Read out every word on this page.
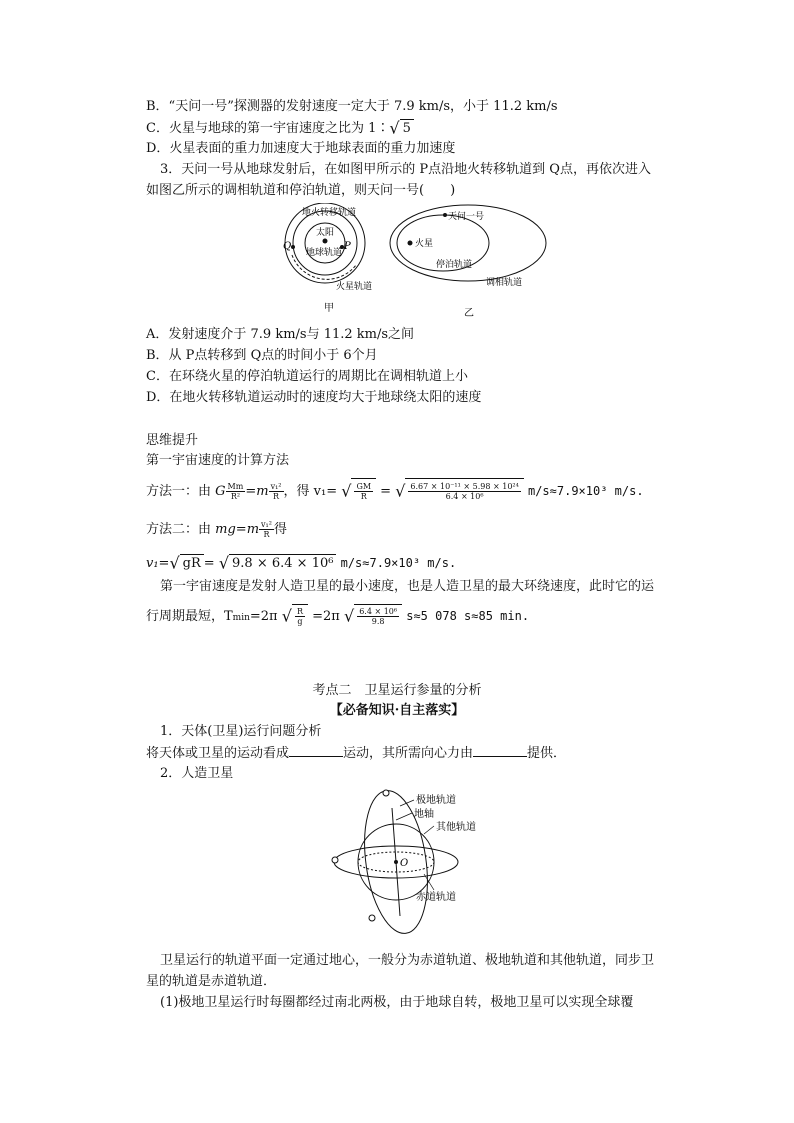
B．“天问一号”探测器的发射速度一定大于 7.9 km/s，小于 11.2 km/s
C．火星与地球的第一宇宙速度之比为 1∶√ 5
D．火星表面的重力加速度大于地球表面的重力加速度
3．天问一号从地球发射后，在如图甲所示的 P点沿地火转移轨道到 Q点，再依次进入
如图乙所示的调相轨道和停泊轨道，则天问一号(　　)
地火转移轨道
太阳
地球轨道
火星轨道
Q	P
甲
天问一号
火星
停泊轨道
调相轨道
乙
A．发射速度介于 7.9 km/s与 11.2 km/s之间
B．从 P点转移到 Q点的时间小于 6个月
C．在环绕火星的停泊轨道运行的周期比在调相轨道上小
D．在地火转移轨道运动时的速度均大于地球绕太阳的速度
思维提升
第一宇宙速度的计算方法
方法一：由 G $\frac{Mm}{\text{R²}} =m \frac{\text{v₁²}}{R}$ ，得 v₁= √ $\frac{GM}{R}$ = √ $\frac{\text{6.67 × 10⁻¹¹ × 5.98 × 10²⁴}}{\text{6.4 × 10⁶}} m/s\approx 7.9\times 10^3$ m/s.
方法二：由 $mg=m \frac{\text{v₁²}}{R}$ 得
v₁=√ gR = √ 9.8 × 6.4 × 10⁶ m/s≈7.9×10³ m/s.
第一宇宙速度是发射人造卫星的最小速度，也是人造卫星的最大环绕速度，此时它的运
行周期最短，Tmin=2π √ $\frac{R}{g} =2\pi$ √ $\frac{\text{6.4 × 10⁶}}{9.8} s\approx 5$ 078 s≈85 min.
考点二　卫星运行参量的分析
【必备知识·自主落实】
1．天体(卫星)运行问题分析
将天体或卫星的运动看成	运动，其所需向心力由	提供．
2．人造卫星
极地轨道
地轴
其他轨道
O
赤道轨道
卫星运行的轨道平面一定通过地心，一般分为赤道轨道、极地轨道和其他轨道，同步卫
星的轨道是赤道轨道．
(1)极地卫星运行时每圈都经过南北两极，由于地球自转，极地卫星可以实现全球覆
